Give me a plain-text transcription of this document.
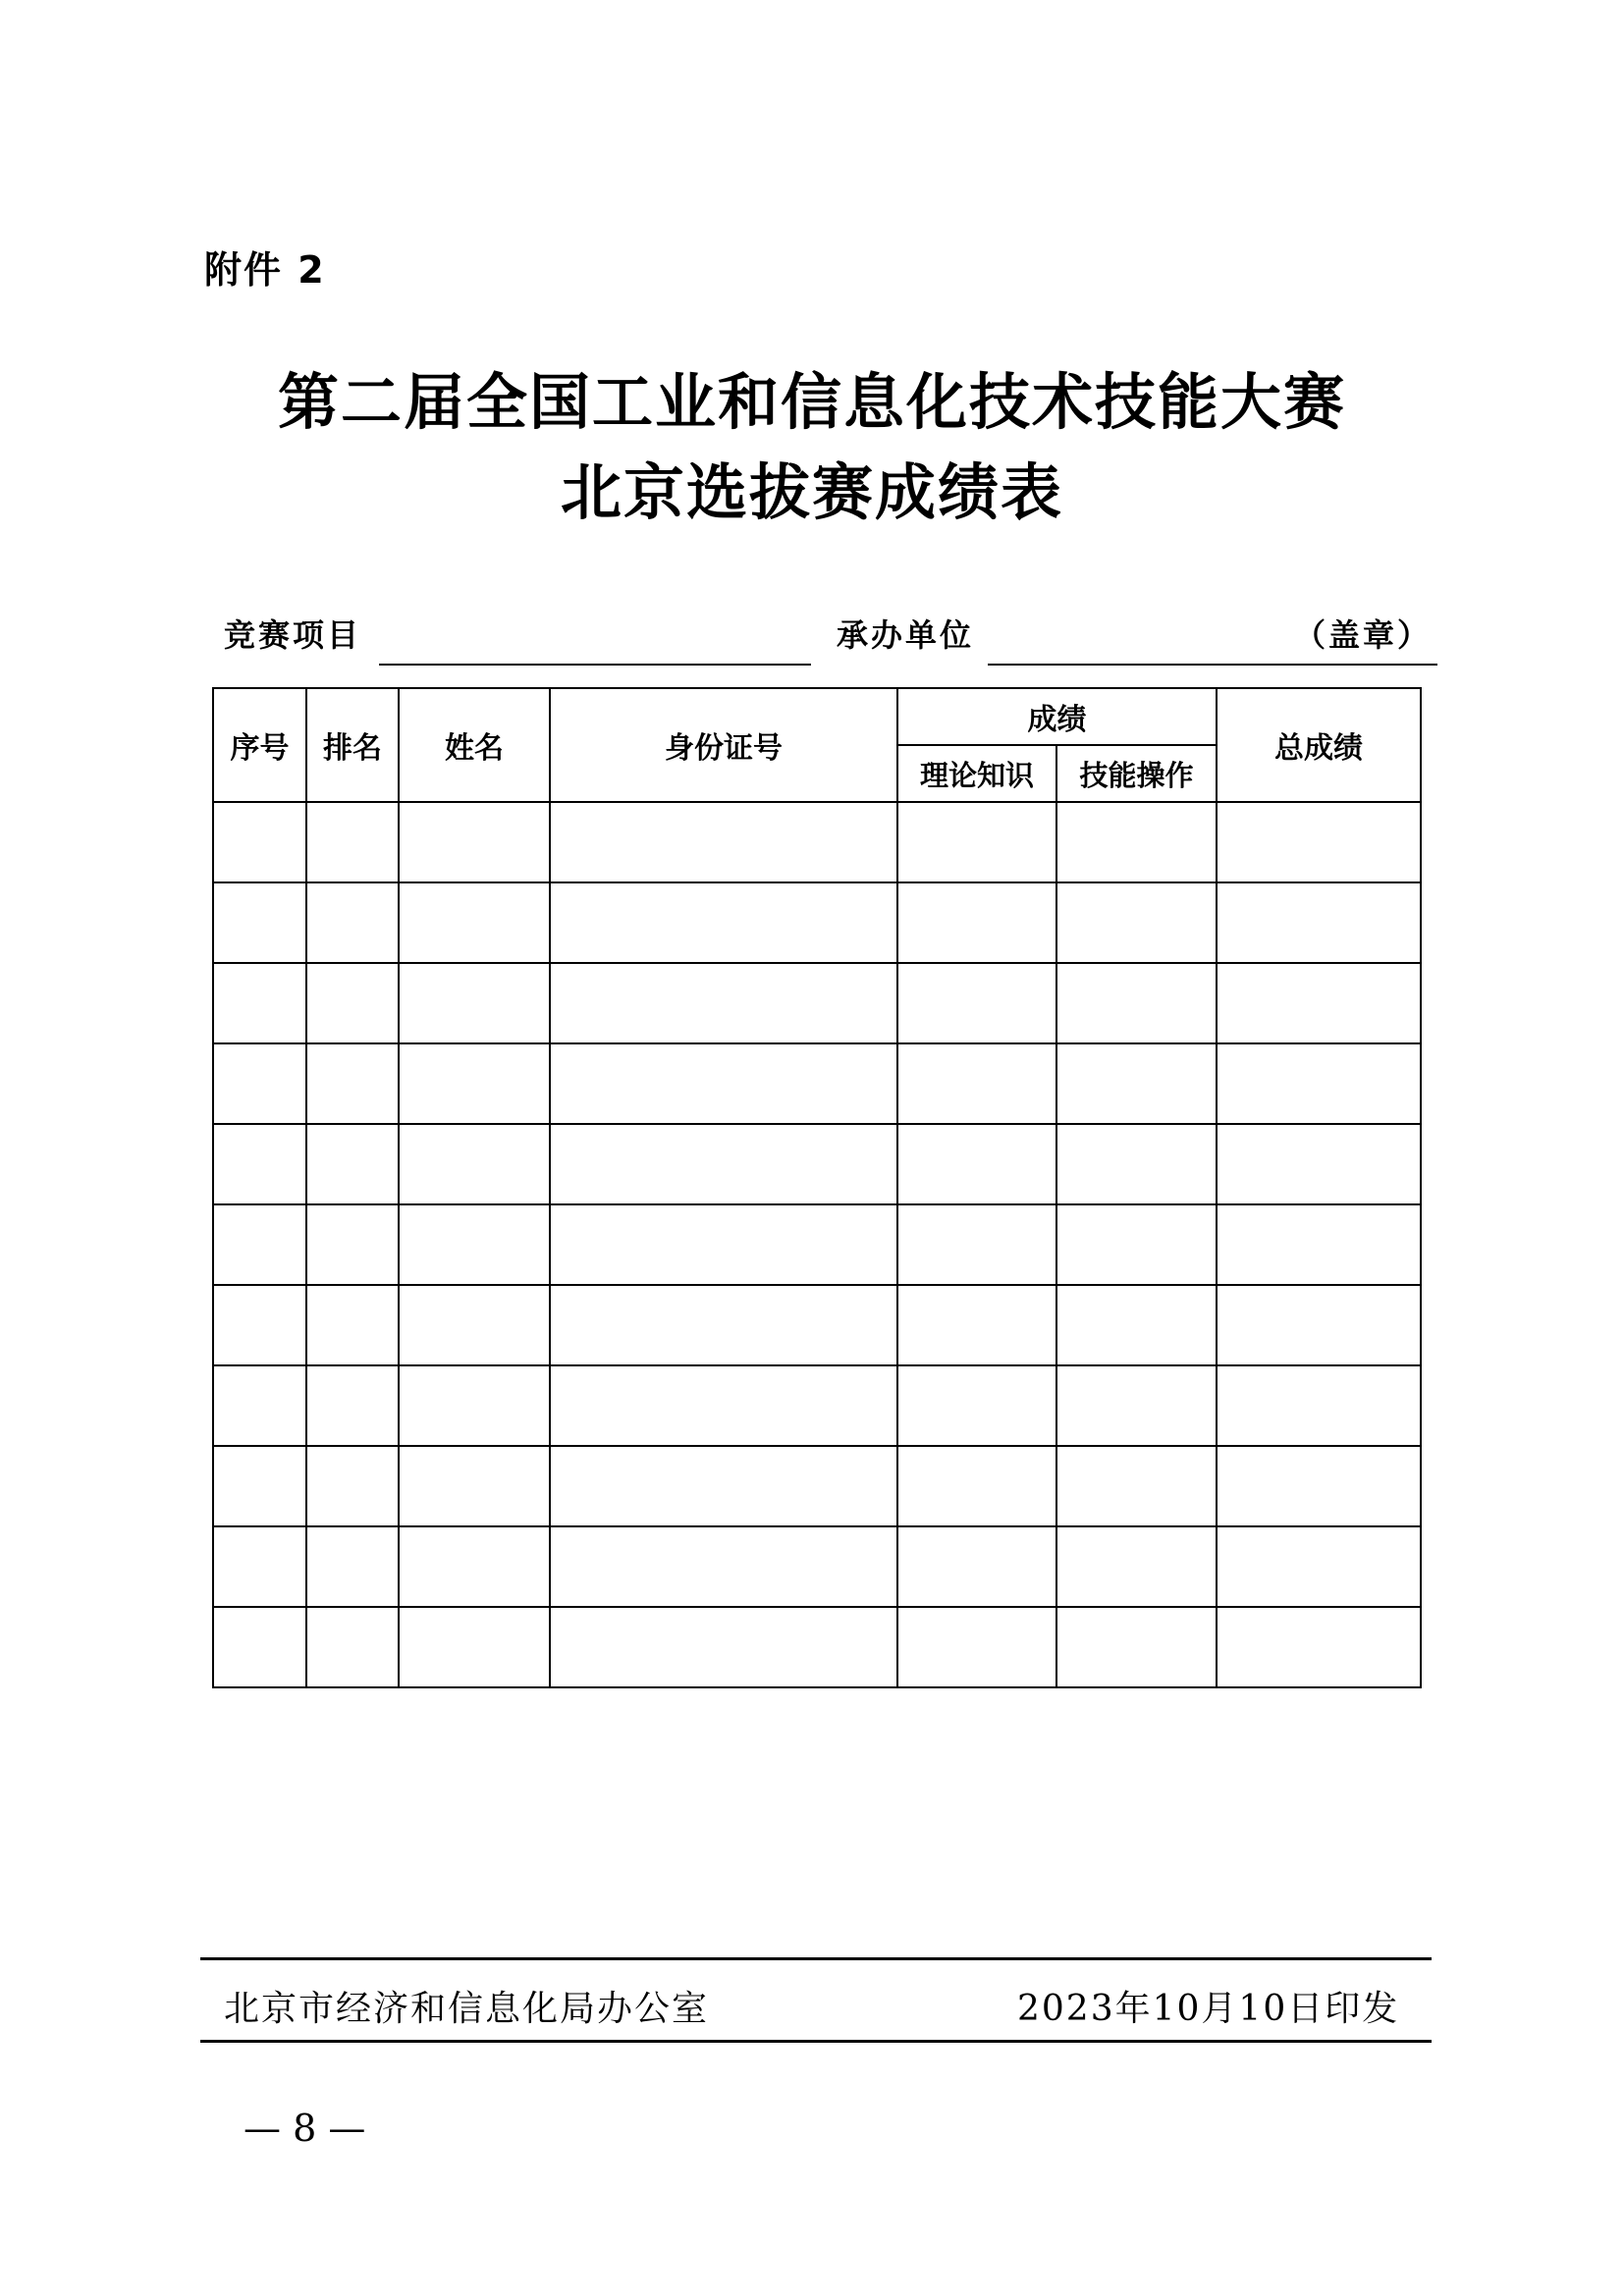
附件 2
第二届全国工业和信息化技术技能大赛
北京选拔赛成绩表
竞赛项目	承办单位	（盖章）
序号	排名	姓名	身份证号	成绩		总成绩
				理论知识	技能操作	

北京市经济和信息化局办公室	2023年10月10日印发
— 8 —
